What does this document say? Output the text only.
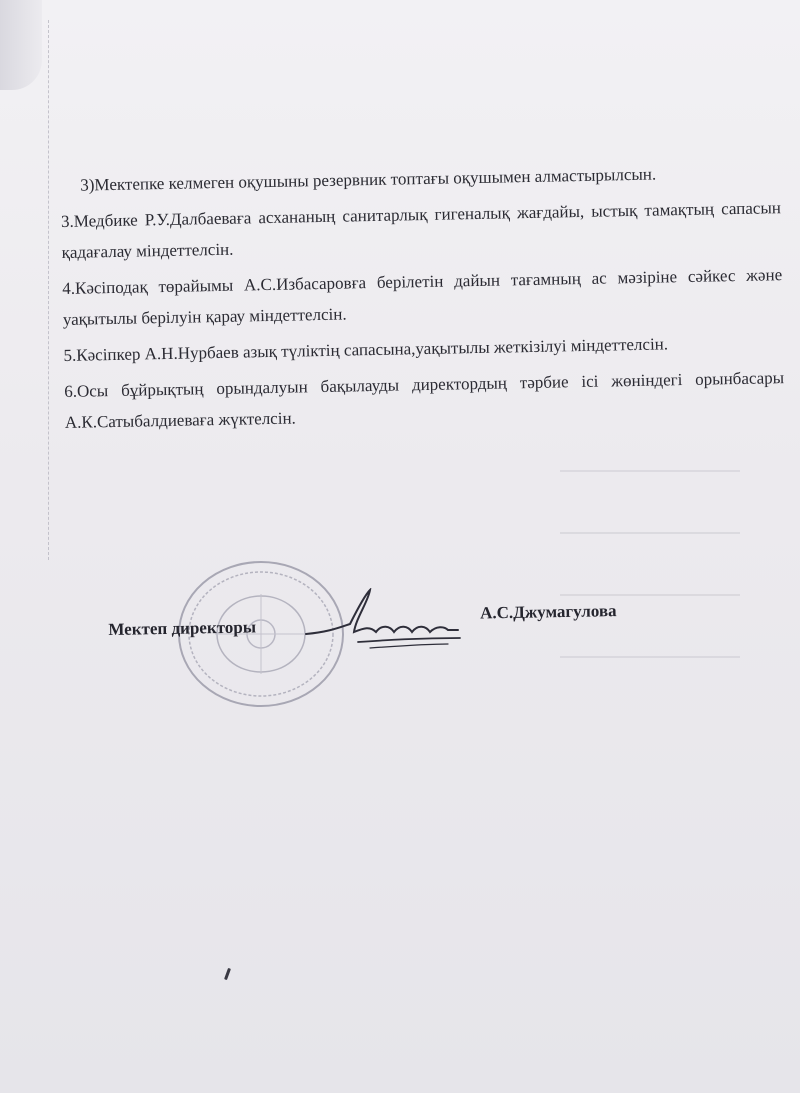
3)Мектепке келмеген оқушыны резервник топтағы оқушымен алмастырылсын.

3.Медбике Р.У.Далбаеваға асхананың санитарлық гигеналық жағдайы, ыстық тамақтың сапасын қадағалау міндеттелсін.

4.Кәсіподақ төрайымы А.С.Избасаровға берілетін дайын тағамның ас мәзіріне сәйкес және уақытылы берілуін қарау міндеттелсін.

5.Кәсіпкер А.Н.Нурбаев азық түліктің сапасына,уақытылы жеткізілуі міндеттелсін.

6.Осы бұйрықтың орындалуын бақылауды директордың тәрбие ісі жөніндегі орынбасары А.К.Сатыбалдиеваға жүктелсін.

Мектеп директоры
А.С.Джумагулова
